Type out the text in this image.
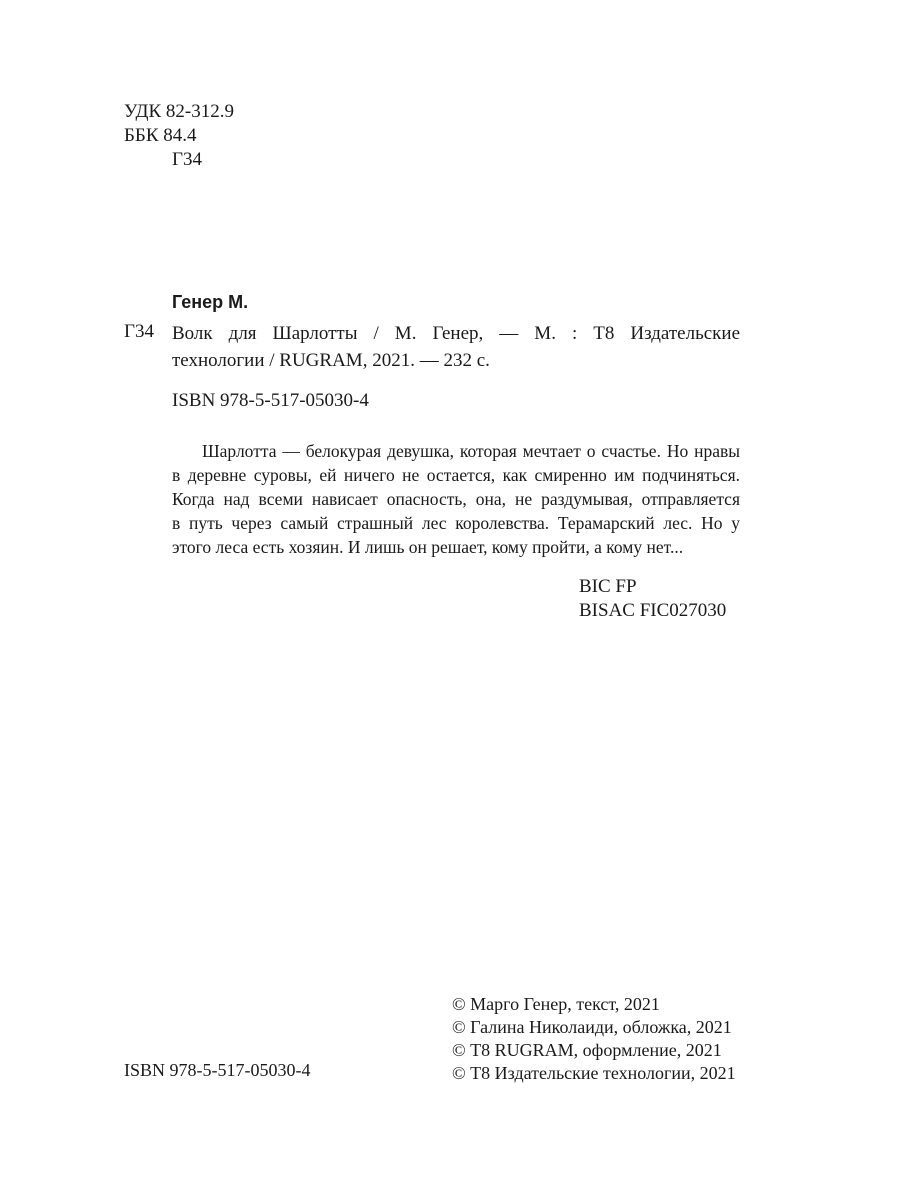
УДК 82-312.9
ББК 84.4
Г34
Генер М.
Г34 Волк для Шарлотты / М. Генер, — М. : Т8 Издательские
технологии / RUGRAM, 2021. — 232 с.
ISBN 978-5-517-05030-4
Шарлотта — белокурая девушка, которая мечтает о счастье. Но нравы
в деревне суровы, ей ничего не остается, как смиренно им подчиняться.
Когда над всеми нависает опасность, она, не раздумывая, отправляется
в путь через самый страшный лес королевства. Терамарский лес. Но у
этого леса есть хозяин. И лишь он решает, кому пройти, а кому нет...
BIC FP
BISAC FIC027030
ISBN 978-5-517-05030-4
© Марго Генер, текст, 2021
© Галина Николаиди, обложка, 2021
© Т8 RUGRAM, оформление, 2021
© Т8 Издательские технологии, 2021
